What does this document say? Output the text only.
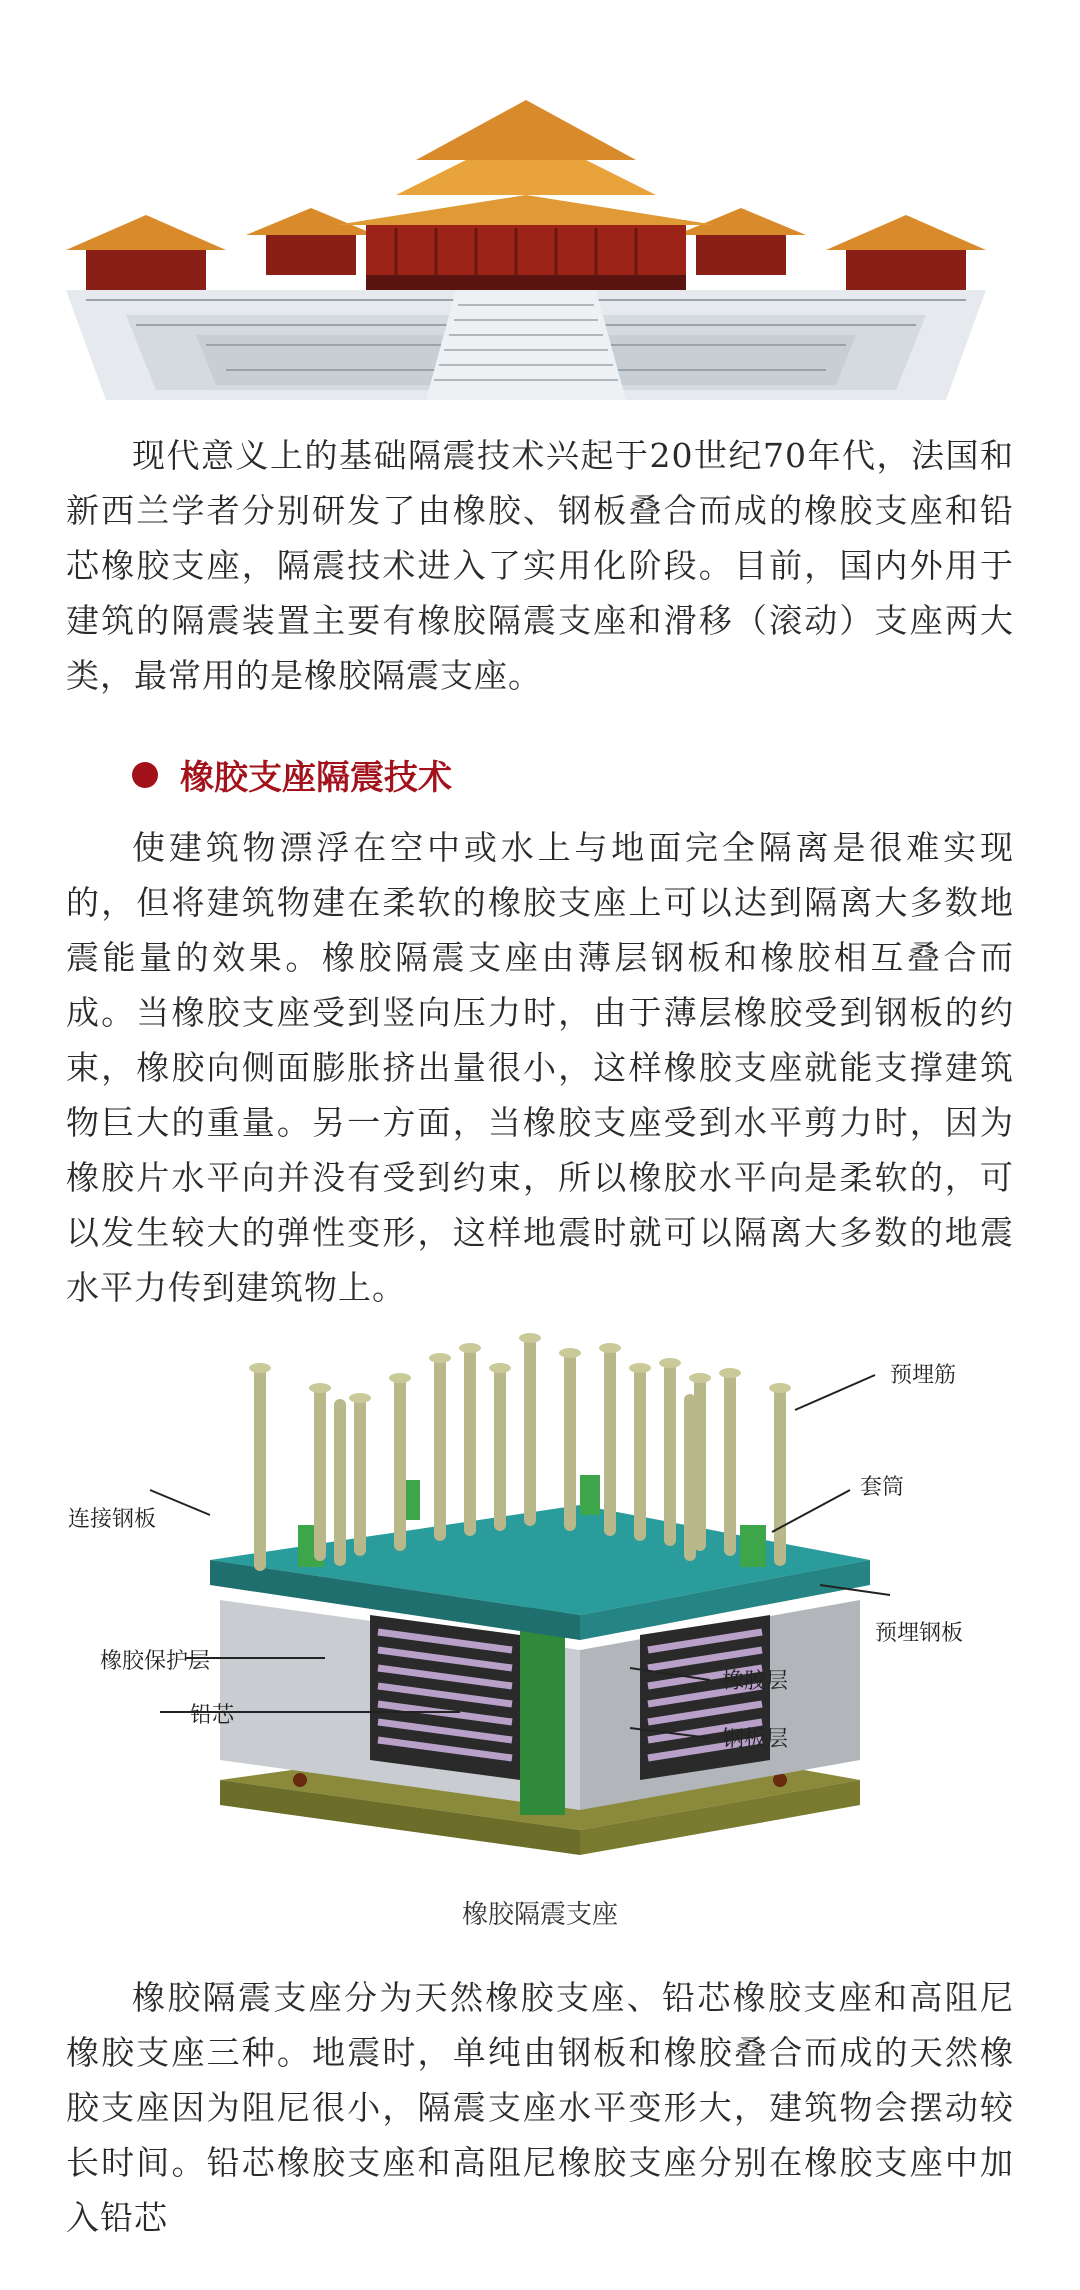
现代意义上的基础隔震技术兴起于20世纪70年代，法国和新西兰学者分别研发了由橡胶、钢板叠合而成的橡胶支座和铅芯橡胶支座，隔震技术进入了实用化阶段。目前，国内外用于建筑的隔震装置主要有橡胶隔震支座和滑移（滚动）支座两大类，最常用的是橡胶隔震支座。

橡胶支座隔震技术

使建筑物漂浮在空中或水上与地面完全隔离是很难实现的，但将建筑物建在柔软的橡胶支座上可以达到隔离大多数地震能量的效果。橡胶隔震支座由薄层钢板和橡胶相互叠合而成。当橡胶支座受到竖向压力时，由于薄层橡胶受到钢板的约束，橡胶向侧面膨胀挤出量很小，这样橡胶支座就能支撑建筑物巨大的重量。另一方面，当橡胶支座受到水平剪力时，因为橡胶片水平向并没有受到约束，所以橡胶水平向是柔软的，可以发生较大的弹性变形，这样地震时就可以隔离大多数的地震水平力传到建筑物上。

预埋筋
套筒
连接钢板
预埋钢板
橡胶保护层
铅芯
橡胶层
钢板层
橡胶隔震支座

橡胶隔震支座分为天然橡胶支座、铅芯橡胶支座和高阻尼橡胶支座三种。地震时，单纯由钢板和橡胶叠合而成的天然橡胶支座因为阻尼很小，隔震支座水平变形大，建筑物会摆动较长时间。铅芯橡胶支座和高阻尼橡胶支座分别在橡胶支座中加入铅芯
